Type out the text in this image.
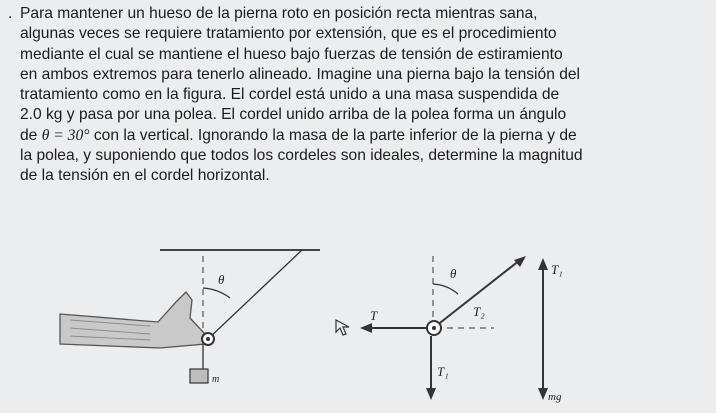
. Para mantener un hueso de la pierna roto en posición recta mientras sana,
algunas veces se requiere tratamiento por extensión, que es el procedimiento
mediante el cual se mantiene el hueso bajo fuerzas de tensión de estiramiento
en ambos extremos para tenerlo alineado. Imagine una pierna bajo la tensión del
tratamiento como en la figura. El cordel está unido a una masa suspendida de
2.0 kg y pasa por una polea. El cordel unido arriba de la polea forma un ángulo
de θ = 30° con la vertical. Ignorando la masa de la parte inferior de la pierna y de
la polea, y suponiendo que todos los cordeles son ideales, determine la magnitud
de la tensión en el cordel horizontal.
θ
m
θ
T₂
T
T₁
T₁
mg
